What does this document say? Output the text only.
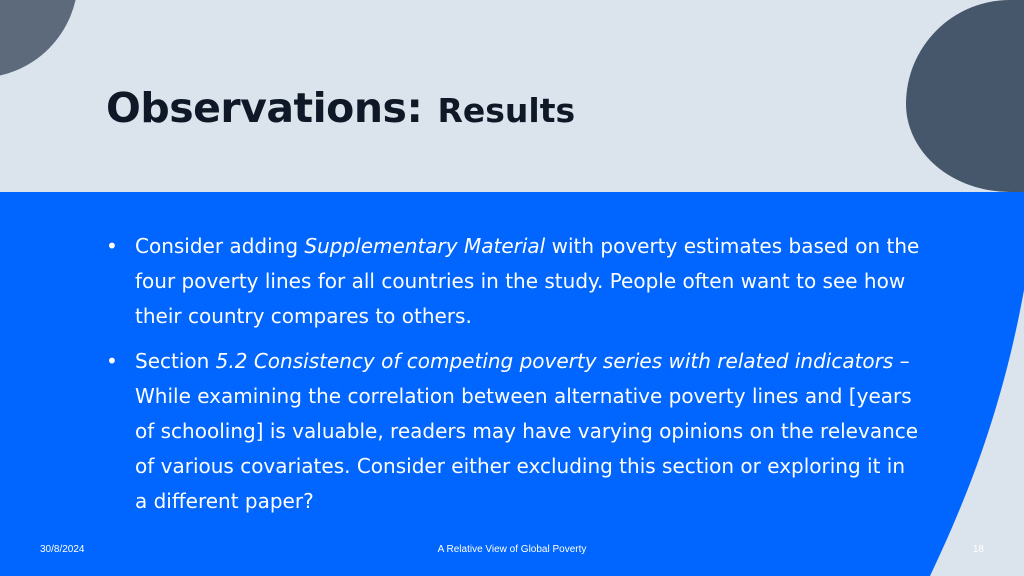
Observations: Results

• Consider adding Supplementary Material with poverty estimates based on the four poverty lines for all countries in the study. People often want to see how their country compares to others.

• Section 5.2 Consistency of competing poverty series with related indicators – While examining the correlation between alternative poverty lines and [years of schooling] is valuable, readers may have varying opinions on the relevance of various covariates. Consider either excluding this section or exploring it in a different paper?

30/8/2024	A Relative View of Global Poverty	18
